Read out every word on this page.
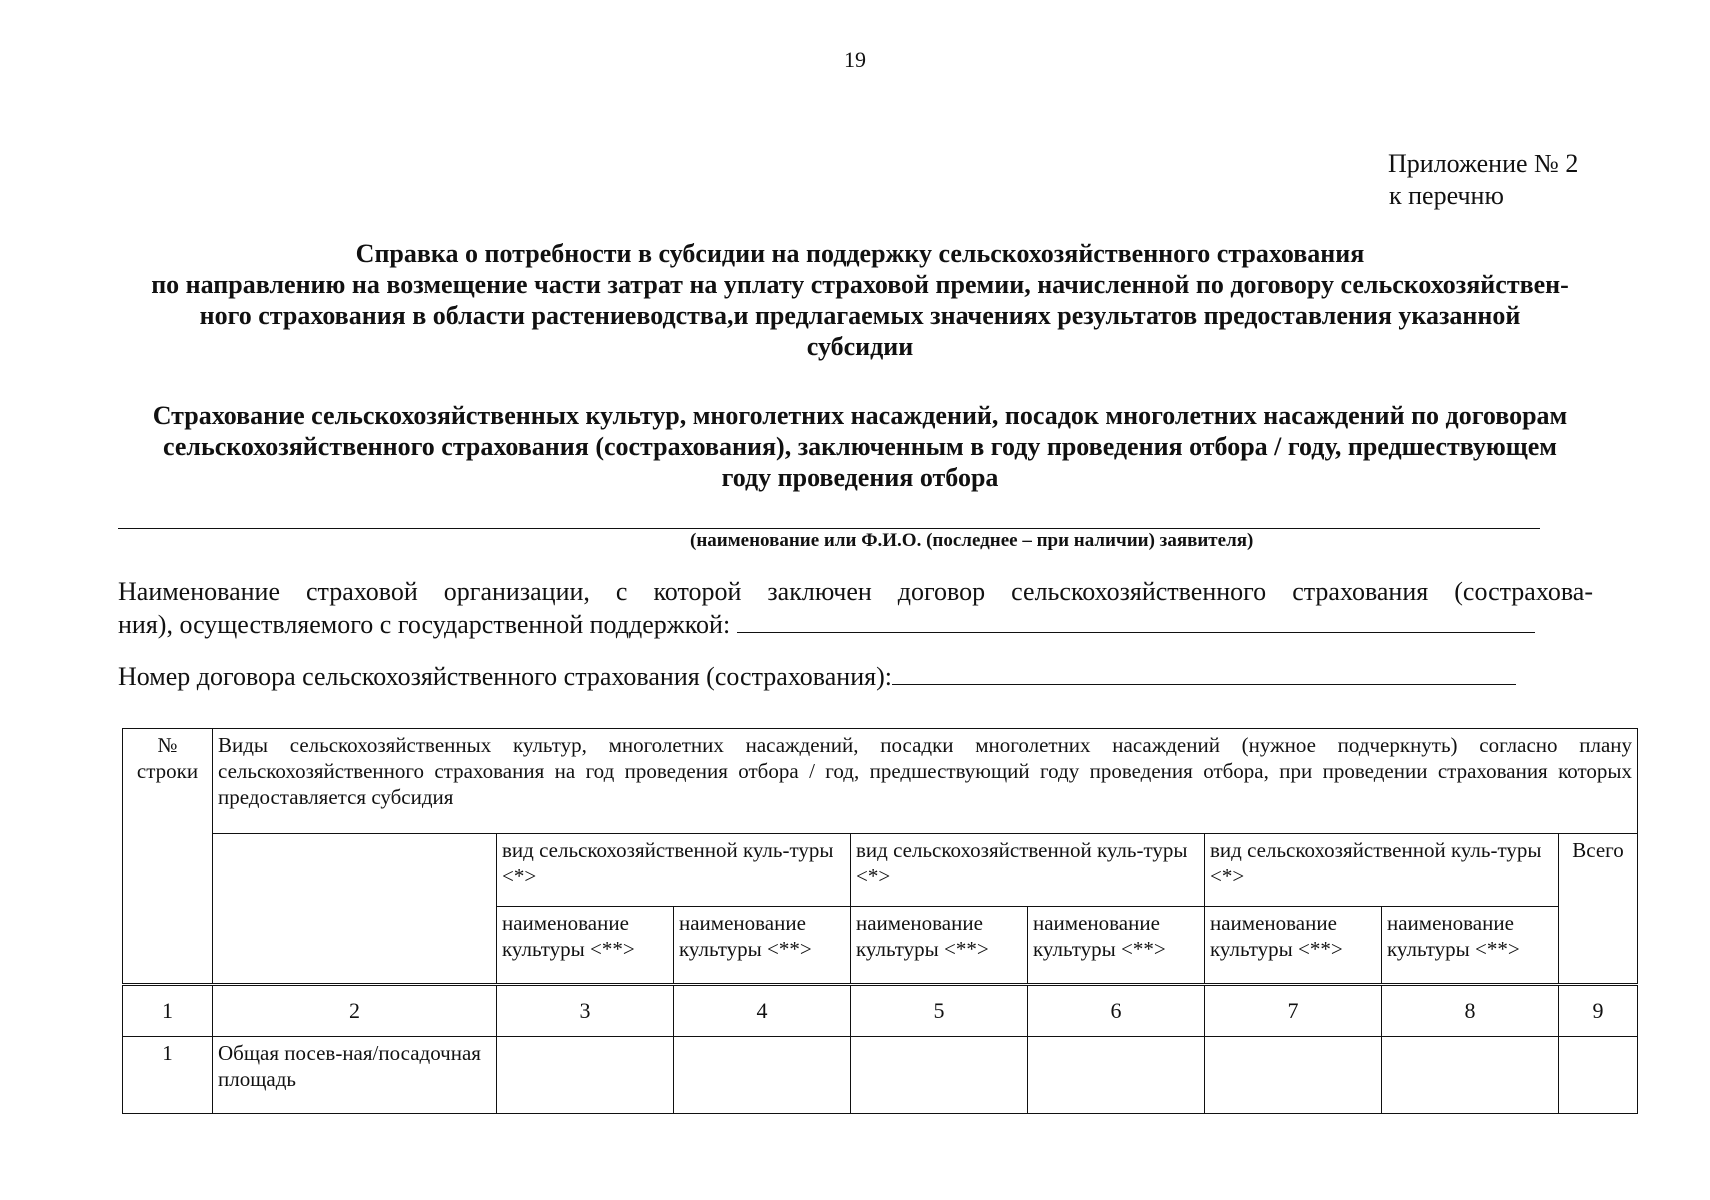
19
Приложение № 2
к перечню
Справка о потребности в субсидии на поддержку сельскохозяйственного страхования
по направлению на возмещение части затрат на уплату страховой премии, начисленной по договору сельскохозяйствен-
ного страхования в области растениеводства,и предлагаемых значениях результатов предоставления указанной
субсидии
Страхование сельскохозяйственных культур, многолетних насаждений, посадок многолетних насаждений по договорам
сельскохозяйственного страхования (сострахования), заключенным в году проведения отбора / году, предшествующем
году проведения отбора
(наименование или Ф.И.О. (последнее – при наличии) заявителя)
Наименование страховой организации, с которой заключен договор сельскохозяйственного страхования (сострахова-
ния), осуществляемого с государственной поддержкой:
Номер договора сельскохозяйственного страхования (сострахования):
№ строки	Виды сельскохозяйственных культур, многолетних насаждений, посадки многолетних насаждений (нужное подчеркнуть) согласно плану сельскохозяйственного страхования на год проведения отбора / год, предшествующий году проведения отбора, при проведении страхования которых предоставляется субсидия							
		вид сельскохозяйственной куль-туры <*>		вид сельскохозяйственной куль-туры <*>		вид сельскохозяйственной куль-туры <*>		Всего
		наименование культуры <**>	наименование культуры <**>	наименование культуры <**>	наименование культуры <**>	наименование культуры <**>	наименование культуры <**>	
1	2	3	4	5	6	7	8	9
1	Общая посев-ная/посадочная площадь							
